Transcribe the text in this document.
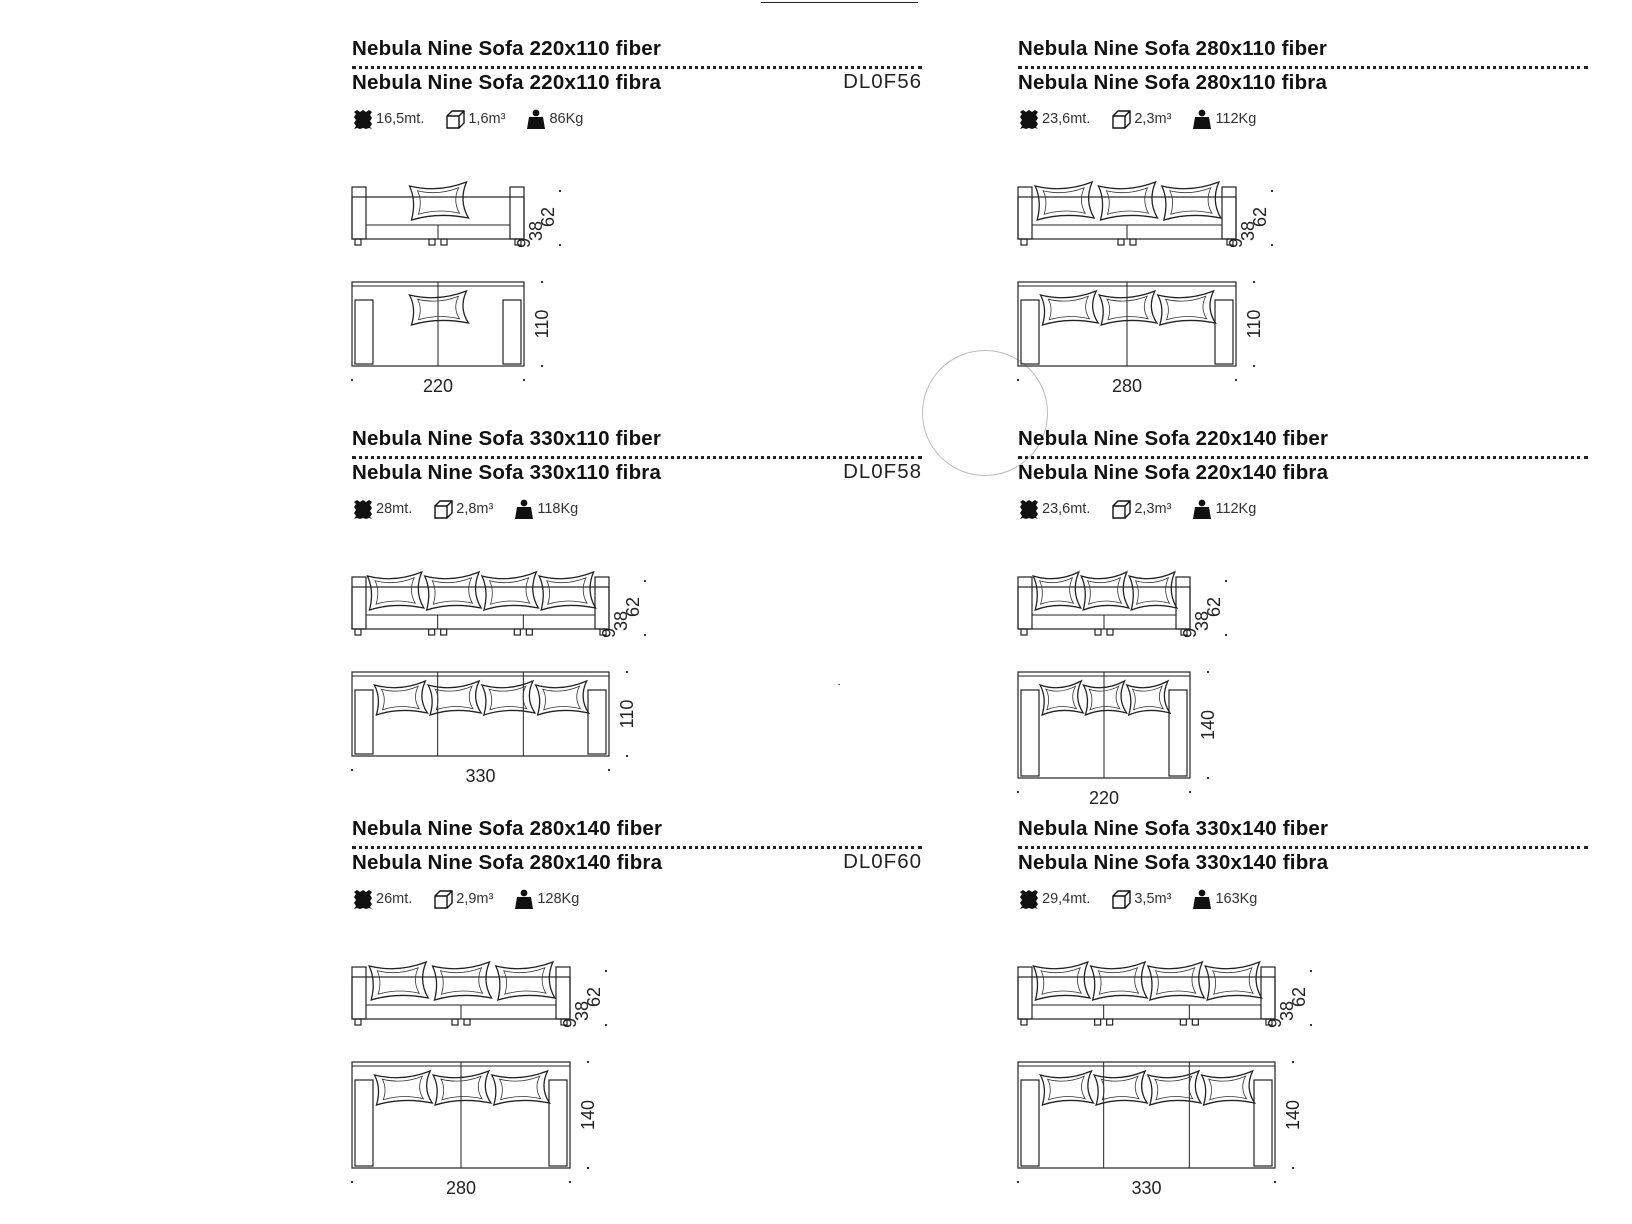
Nebula Nine Sofa 220x110 fiber
Nebula Nine Sofa 220x110 fibra	DL0F56
16,5mt.	1,6m³	86Kg
62
38
9
110
220
Nebula Nine Sofa 280x110 fiber
Nebula Nine Sofa 280x110 fibra
23,6mt.	2,3m³	112Kg
62
38
9
110
280
Nebula Nine Sofa 330x110 fiber
Nebula Nine Sofa 330x110 fibra	DL0F58
28mt.	2,8m³	118Kg
62
38
9
110
330
Nebula Nine Sofa 220x140 fiber
Nebula Nine Sofa 220x140 fibra
23,6mt.	2,3m³	112Kg
62
38
9
140
220
Nebula Nine Sofa 280x140 fiber
Nebula Nine Sofa 280x140 fibra	DL0F60
26mt.	2,9m³	128Kg
62
38
9
140
280
Nebula Nine Sofa 330x140 fiber
Nebula Nine Sofa 330x140 fibra
29,4mt.	3,5m³	163Kg
62
38
9
140
330
